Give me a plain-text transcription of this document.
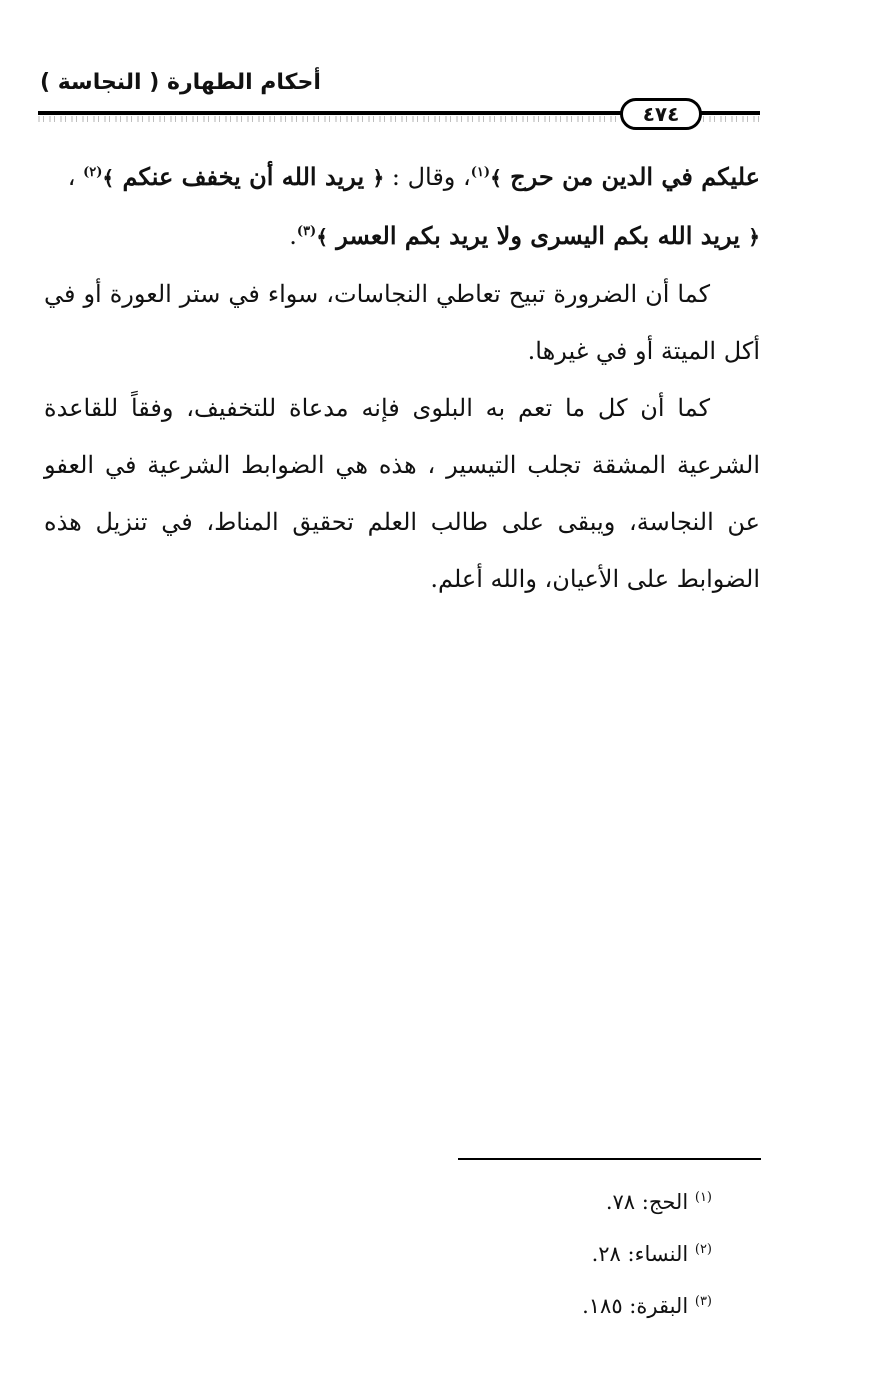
أحكام الطهارة ( النجاسة )
٤٧٤

عليكم في الدين من حرج ﴾$^{(١)}$، وقال : ﴿ يريد الله أن يخفف عنكم ﴾$^{(٢)}$ ،

﴿ يريد الله بكم اليسرى ولا يريد بكم العسر ﴾$^{(٣)}$.

كما أن الضرورة تبيح تعاطي النجاسات، سواء في ستر العورة أو في أكل الميتة أو في غيرها.

كما أن كل ما تعم به البلوى فإنه مدعاة للتخفيف، وفقاً للقاعدة الشرعية المشقة تجلب التيسير ، هذه هي الضوابط الشرعية في العفو عن النجاسة، ويبقى على طالب العلم تحقيق المناط، في تنزيل هذه الضوابط على الأعيان، والله أعلم.

$^{(١)}$ الحج: ٧٨.
$^{(٢)}$ النساء: ٢٨.
$^{(٣)}$ البقرة: ١٨٥.
